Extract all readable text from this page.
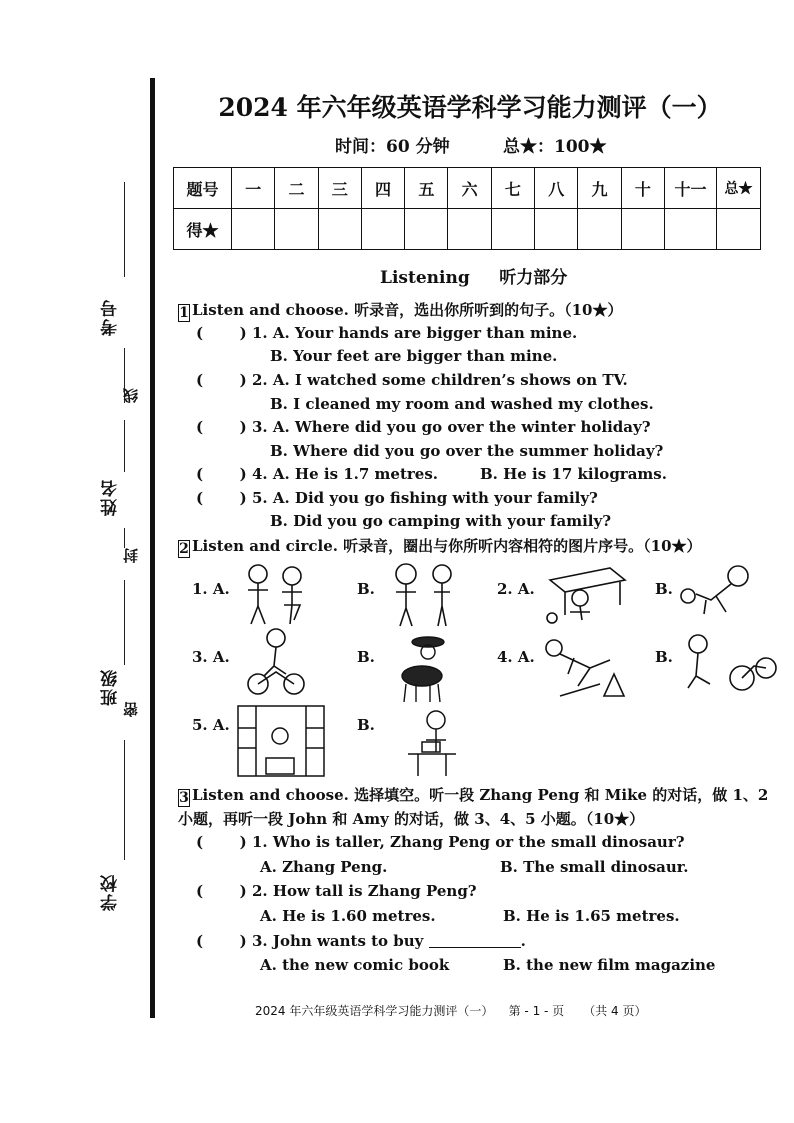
考号
线
姓名
封
班级
密
学校
2024 年六年级英语学科学习能力测评（一）
时间：60 分钟	总★：100★
题号	一	二	三	四	五	六	七	八	九	十	十一	总★
得★												
Listening     听力部分
1 Listen and choose. 听录音，选出你所听到的句子。（10★）
(       ) 1. A. Your hands are bigger than mine.
B. Your feet are bigger than mine.
(       ) 2. A. I watched some children’s shows on TV.
B. I cleaned my room and washed my clothes.
(       ) 3. A. Where did you go over the winter holiday?
B. Where did you go over the summer holiday?
(       ) 4. A. He is 1.7 metres.	B. He is 17 kilograms.
(       ) 5. A. Did you go fishing with your family?
B. Did you go camping with your family?
2 Listen and circle. 听录音，圈出与你所听内容相符的图片序号。（10★）
1. A.	B.	2. A.	B.
3. A.	B.	4. A.	B.
5. A.	B.
3 Listen and choose. 选择填空。听一段 Zhang Peng 和 Mike 的对话，做 1、2
小题，再听一段 John 和 Amy 的对话，做 3、4、5 小题。（10★）
(       ) 1. Who is taller, Zhang Peng or the small dinosaur?
A. Zhang Peng.	B. The small dinosaur.
(       ) 2. How tall is Zhang Peng?
A. He is 1.60 metres.	B. He is 1.65 metres.
(       ) 3. John wants to buy	.
A. the new comic book	B. the new film magazine
2024 年六年级英语学科学习能力测评（一）    第 - 1 - 页     （共 4 页）
